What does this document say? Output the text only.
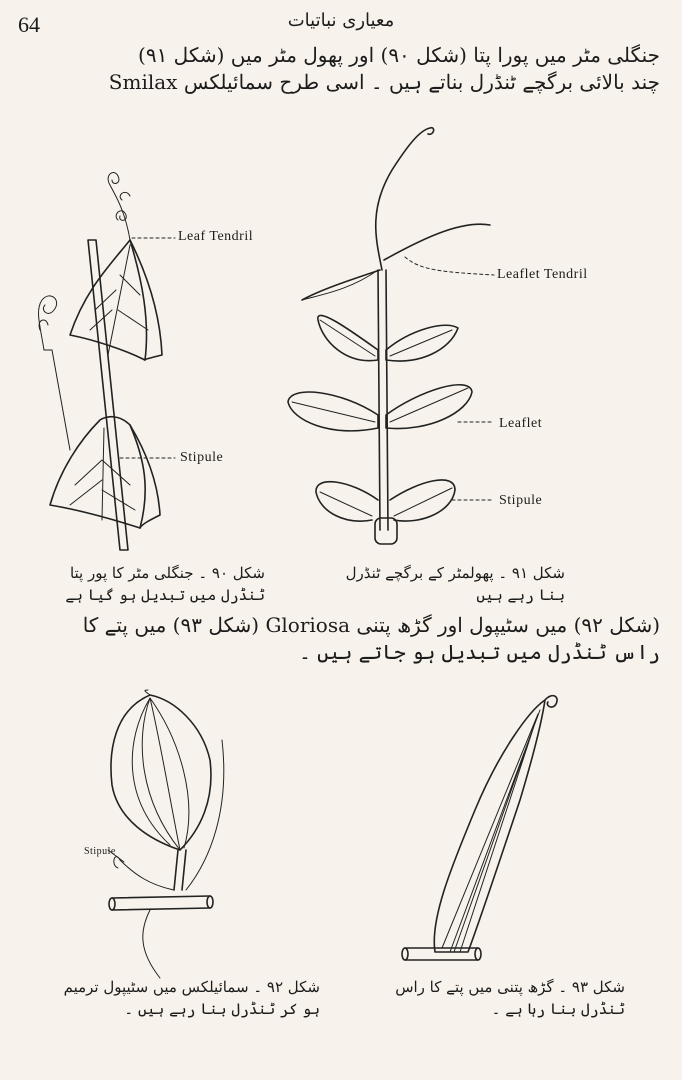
64	معیاری نباتیات
جنگلی مٹر میں پورا پتا (شکل ۹۰) اور پھول مٹر میں (شکل ۹۱)
چند بالائی برگچے ٹنڈرل بناتے ہیں ۔ اسی طرح سمائیلکس Smilax
Leaf Tendril
Stipule
Leaflet Tendril
Leaflet
Stipule
شکل ۹۱ ۔ پھولمٹر کے برگچے ٹنڈرل
بنا رہے ہیں
شکل ۹۰ ۔ جنگلی مٹر کا پور پتا
ٹنڈرل میں تبدیل ہو گیا ہے
(شکل ۹۲) میں سٹیپول اور گڑھ پتنی Gloriosa (شکل ۹۳) میں پتے کا
راس ٹنڈرل میں تبدیل ہو جاتے ہیں ۔
Stipule
شکل ۹۳ ۔ گڑھ پتنی میں پتے کا راس
ٹنڈرل بنا رہا ہے ۔
شکل ۹۲ ۔ سمائیلکس میں سٹیپول ترمیم
ہو کر ٹنڈرل بنا رہے ہیں ۔
